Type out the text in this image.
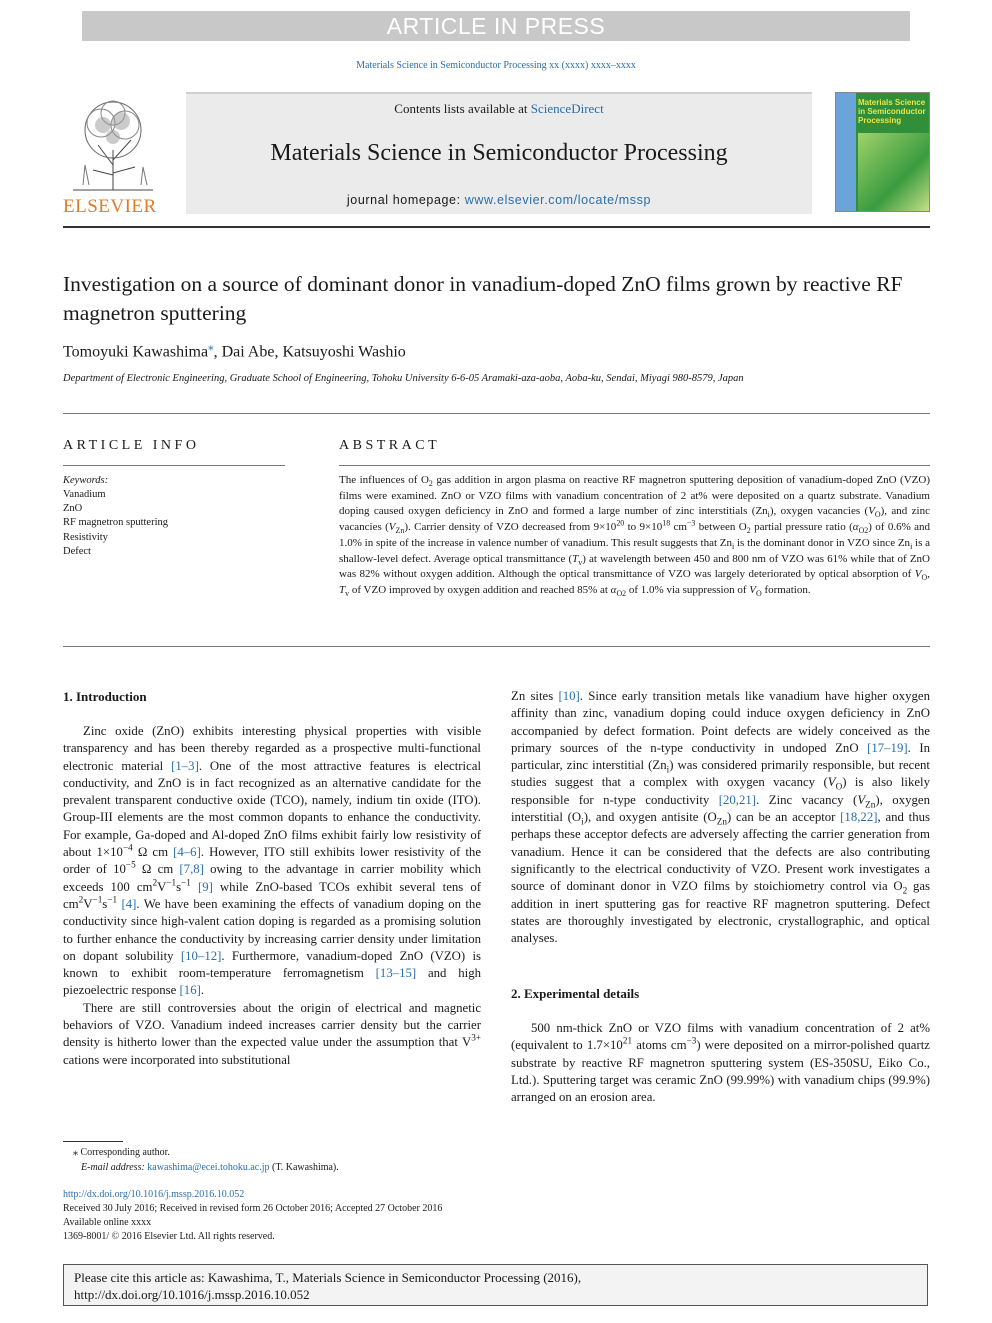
ARTICLE IN PRESS
Materials Science in Semiconductor Processing xx (xxxx) xxxx–xxxx
ELSEVIER
Contents lists available at ScienceDirect
Materials Science in Semiconductor Processing
journal homepage: www.elsevier.com/locate/mssp
Materials Science in Semiconductor Processing
Investigation on a source of dominant donor in vanadium-doped ZnO films grown by reactive RF magnetron sputtering
Tomoyuki Kawashima⁎, Dai Abe, Katsuyoshi Washio
Department of Electronic Engineering, Graduate School of Engineering, Tohoku University 6-6-05 Aramaki-aza-aoba, Aoba-ku, Sendai, Miyagi 980-8579, Japan
ARTICLE INFO
Keywords:
Vanadium
ZnO
RF magnetron sputtering
Resistivity
Defect
ABSTRACT
The influences of $O_2$ gas addition in argon plasma on reactive RF magnetron sputtering deposition of vanadium-doped ZnO (VZO) films were examined. ZnO or VZO films with vanadium concentration of 2 at% were deposited on a quartz substrate. Vanadium doping caused oxygen deficiency in ZnO and formed a large number of zinc interstitials $(Zn_i)$, oxygen vacancies $(V_O)$, and zinc vacancies $(V_{Zn})$. Carrier density of VZO decreased from $9\times 10^{20}$ to $9\times 10^{18}$ $cm^{-3}$ between $O_2$ partial pressure ratio $(\alpha_{O2})$ of 0.6% and 1.0% in spite of the increase in valence number of vanadium. This result suggests that $Zn_i$ is the dominant donor in VZO since $Zn_i$ is a shallow-level defect. Average optical transmittance $(T_v)$ at wavelength between 450 and 800 nm of VZO was 61% while that of ZnO was 82% without oxygen addition. Although the optical transmittance of VZO was largely deteriorated by optical absorption of $V_O$, $T_v$ of VZO improved by oxygen addition and reached 85% at $\alpha_{O2}$ of 1.0% via suppression of $V_O$ formation.
1. Introduction

Zinc oxide (ZnO) exhibits interesting physical properties with visible transparency and has been thereby regarded as a prospective multi-functional electronic material [1–3]. One of the most attractive features is electrical conductivity, and ZnO is in fact recognized as an alternative candidate for the prevalent transparent conductive oxide (TCO), namely, indium tin oxide (ITO). Group-III elements are the most common dopants to enhance the conductivity. For example, Ga-doped and Al-doped ZnO films exhibit fairly low resistivity of about $1\times 10^{-4}$ Ω cm [4–6]. However, ITO still exhibits lower resistivity of the order of $10^{-5}$ Ω cm [7,8] owing to the advantage in carrier mobility which exceeds 100 $cm^2V^{-1}s^{-1}$ [9] while ZnO-based TCOs exhibit several tens of $cm^2V^{-1}s^{-1}$ [4]. We have been examining the effects of vanadium doping on the conductivity since high-valent cation doping is regarded as a promising solution to further enhance the conductivity by increasing carrier density under limitation on dopant solubility [10–12]. Furthermore, vanadium-doped ZnO (VZO) is known to exhibit room-temperature ferromagnetism [13–15] and high piezoelectric response [16].

There are still controversies about the origin of electrical and magnetic behaviors of VZO. Vanadium indeed increases carrier density but the carrier density is hitherto lower than the expected value under the assumption that $V^{3+}$ cations were incorporated into substitutional

Zn sites [10]. Since early transition metals like vanadium have higher oxygen affinity than zinc, vanadium doping could induce oxygen deficiency in ZnO accompanied by defect formation. Point defects are widely conceived as the primary sources of the n-type conductivity in undoped ZnO [17–19]. In particular, zinc interstitial $(Zn_i)$ was considered primarily responsible, but recent studies suggest that a complex with oxygen vacancy $(V_O)$ is also likely responsible for n-type conductivity [20,21]. Zinc vacancy $(V_{Zn})$, oxygen interstitial $(O_i)$, and oxygen antisite $(O_{Zn})$ can be an acceptor [18,22], and thus perhaps these acceptor defects are adversely affecting the carrier generation from vanadium. Hence it can be considered that the defects are also contributing significantly to the electrical conductivity of VZO. Present work investigates a source of dominant donor in VZO films by stoichiometry control via $O_2$ gas addition in inert sputtering gas for reactive RF magnetron sputtering. Defect states are thoroughly investigated by electronic, crystallographic, and optical analyses.

2. Experimental details

500 nm-thick ZnO or VZO films with vanadium concentration of 2 at% (equivalent to $1.7\times 10^{21}$ atoms $cm^{-3}$) were deposited on a mirror-polished quartz substrate by reactive RF magnetron sputtering system (ES-350SU, Eiko Co., Ltd.). Sputtering target was ceramic ZnO (99.99%) with vanadium chips (99.9%) arranged on an erosion area.

⁎ Corresponding author.
E-mail address: kawashima@ecei.tohoku.ac.jp (T. Kawashima).
http://dx.doi.org/10.1016/j.mssp.2016.10.052
Received 30 July 2016; Received in revised form 26 October 2016; Accepted 27 October 2016
Available online xxxx
1369-8001/ © 2016 Elsevier Ltd. All rights reserved.
Please cite this article as: Kawashima, T., Materials Science in Semiconductor Processing (2016),
http://dx.doi.org/10.1016/j.mssp.2016.10.052
